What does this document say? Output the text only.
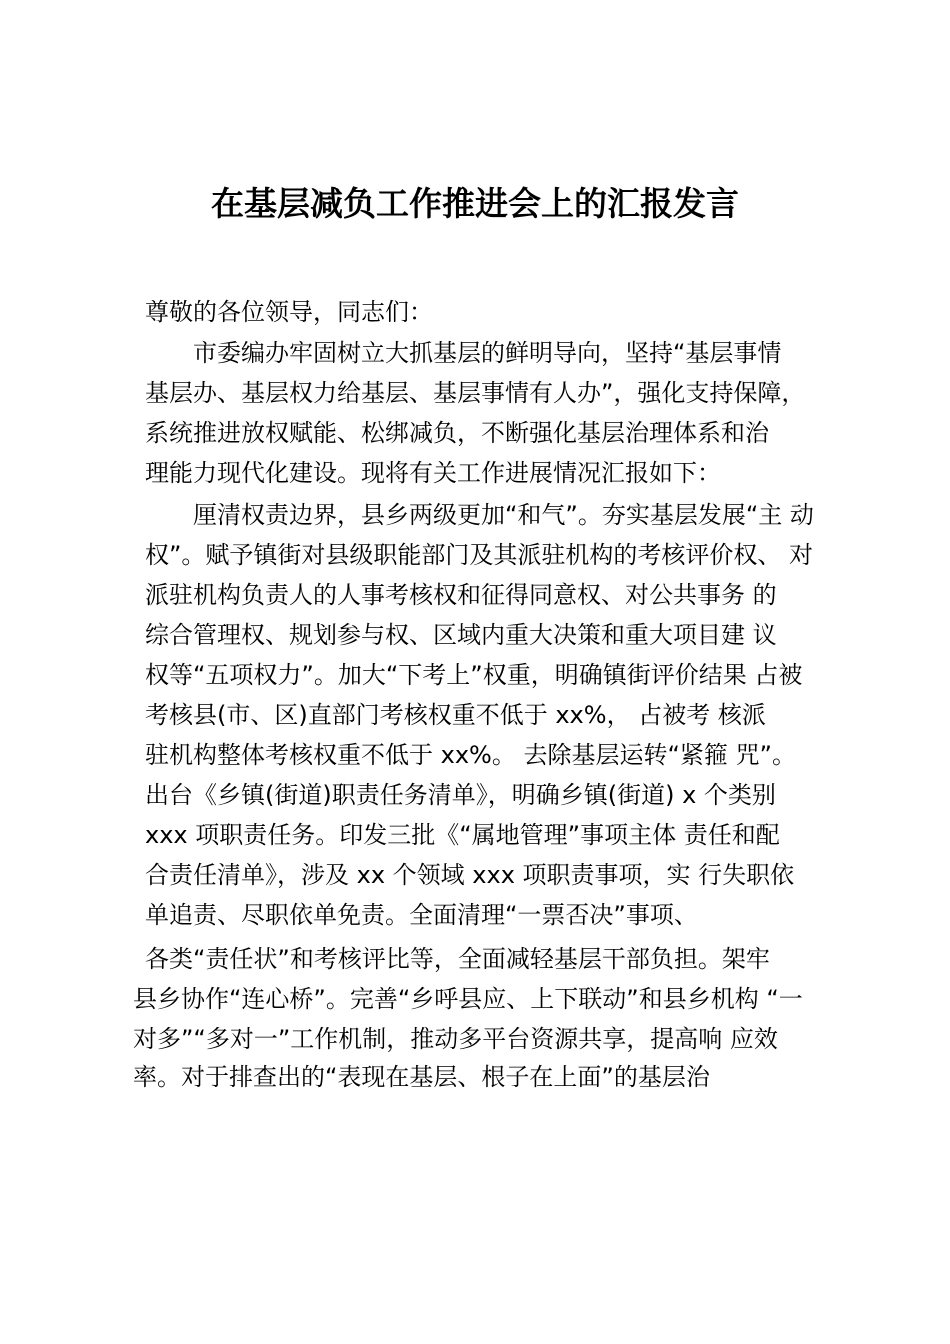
在基层减负工作推进会上的汇报发言
尊敬的各位领导，同志们：
市委编办牢固树立大抓基层的鲜明导向，坚持“基层事情
基层办、基层权力给基层、基层事情有人办”，强化支持保障，
系统推进放权赋能、松绑减负，不断强化基层治理体系和治
理能力现代化建设。现将有关工作进展情况汇报如下：
厘清权责边界，县乡两级更加“和气”。夯实基层发展“主 动
权”。赋予镇街对县级职能部门及其派驻机构的考核评价权、 对
派驻机构负责人的人事考核权和征得同意权、对公共事务 的
综合管理权、规划参与权、区域内重大决策和重大项目建 议
权等“五项权力”。加大“下考上”权重，明确镇街评价结果 占被
考核县(市、区)直部门考核权重不低于 xx%， 占被考 核派
驻机构整体考核权重不低于 xx%。 去除基层运转“紧箍 咒”。
出台《乡镇(街道)职责任务清单》，明确乡镇(街道) x 个类别
xxx 项职责任务。印发三批《“属地管理”事项主体 责任和配
合责任清单》，涉及 xx 个领域 xxx 项职责事项，实 行失职依
单追责、尽职依单免责。全面清理“一票否决”事项、
各类“责任状”和考核评比等，全面减轻基层干部负担。架牢
县乡协作“连心桥”。完善“乡呼县应、上下联动”和县乡机构 “一
对多”“多对一”工作机制，推动多平台资源共享，提高响 应效
率。对于排查出的“表现在基层、根子在上面”的基层治
